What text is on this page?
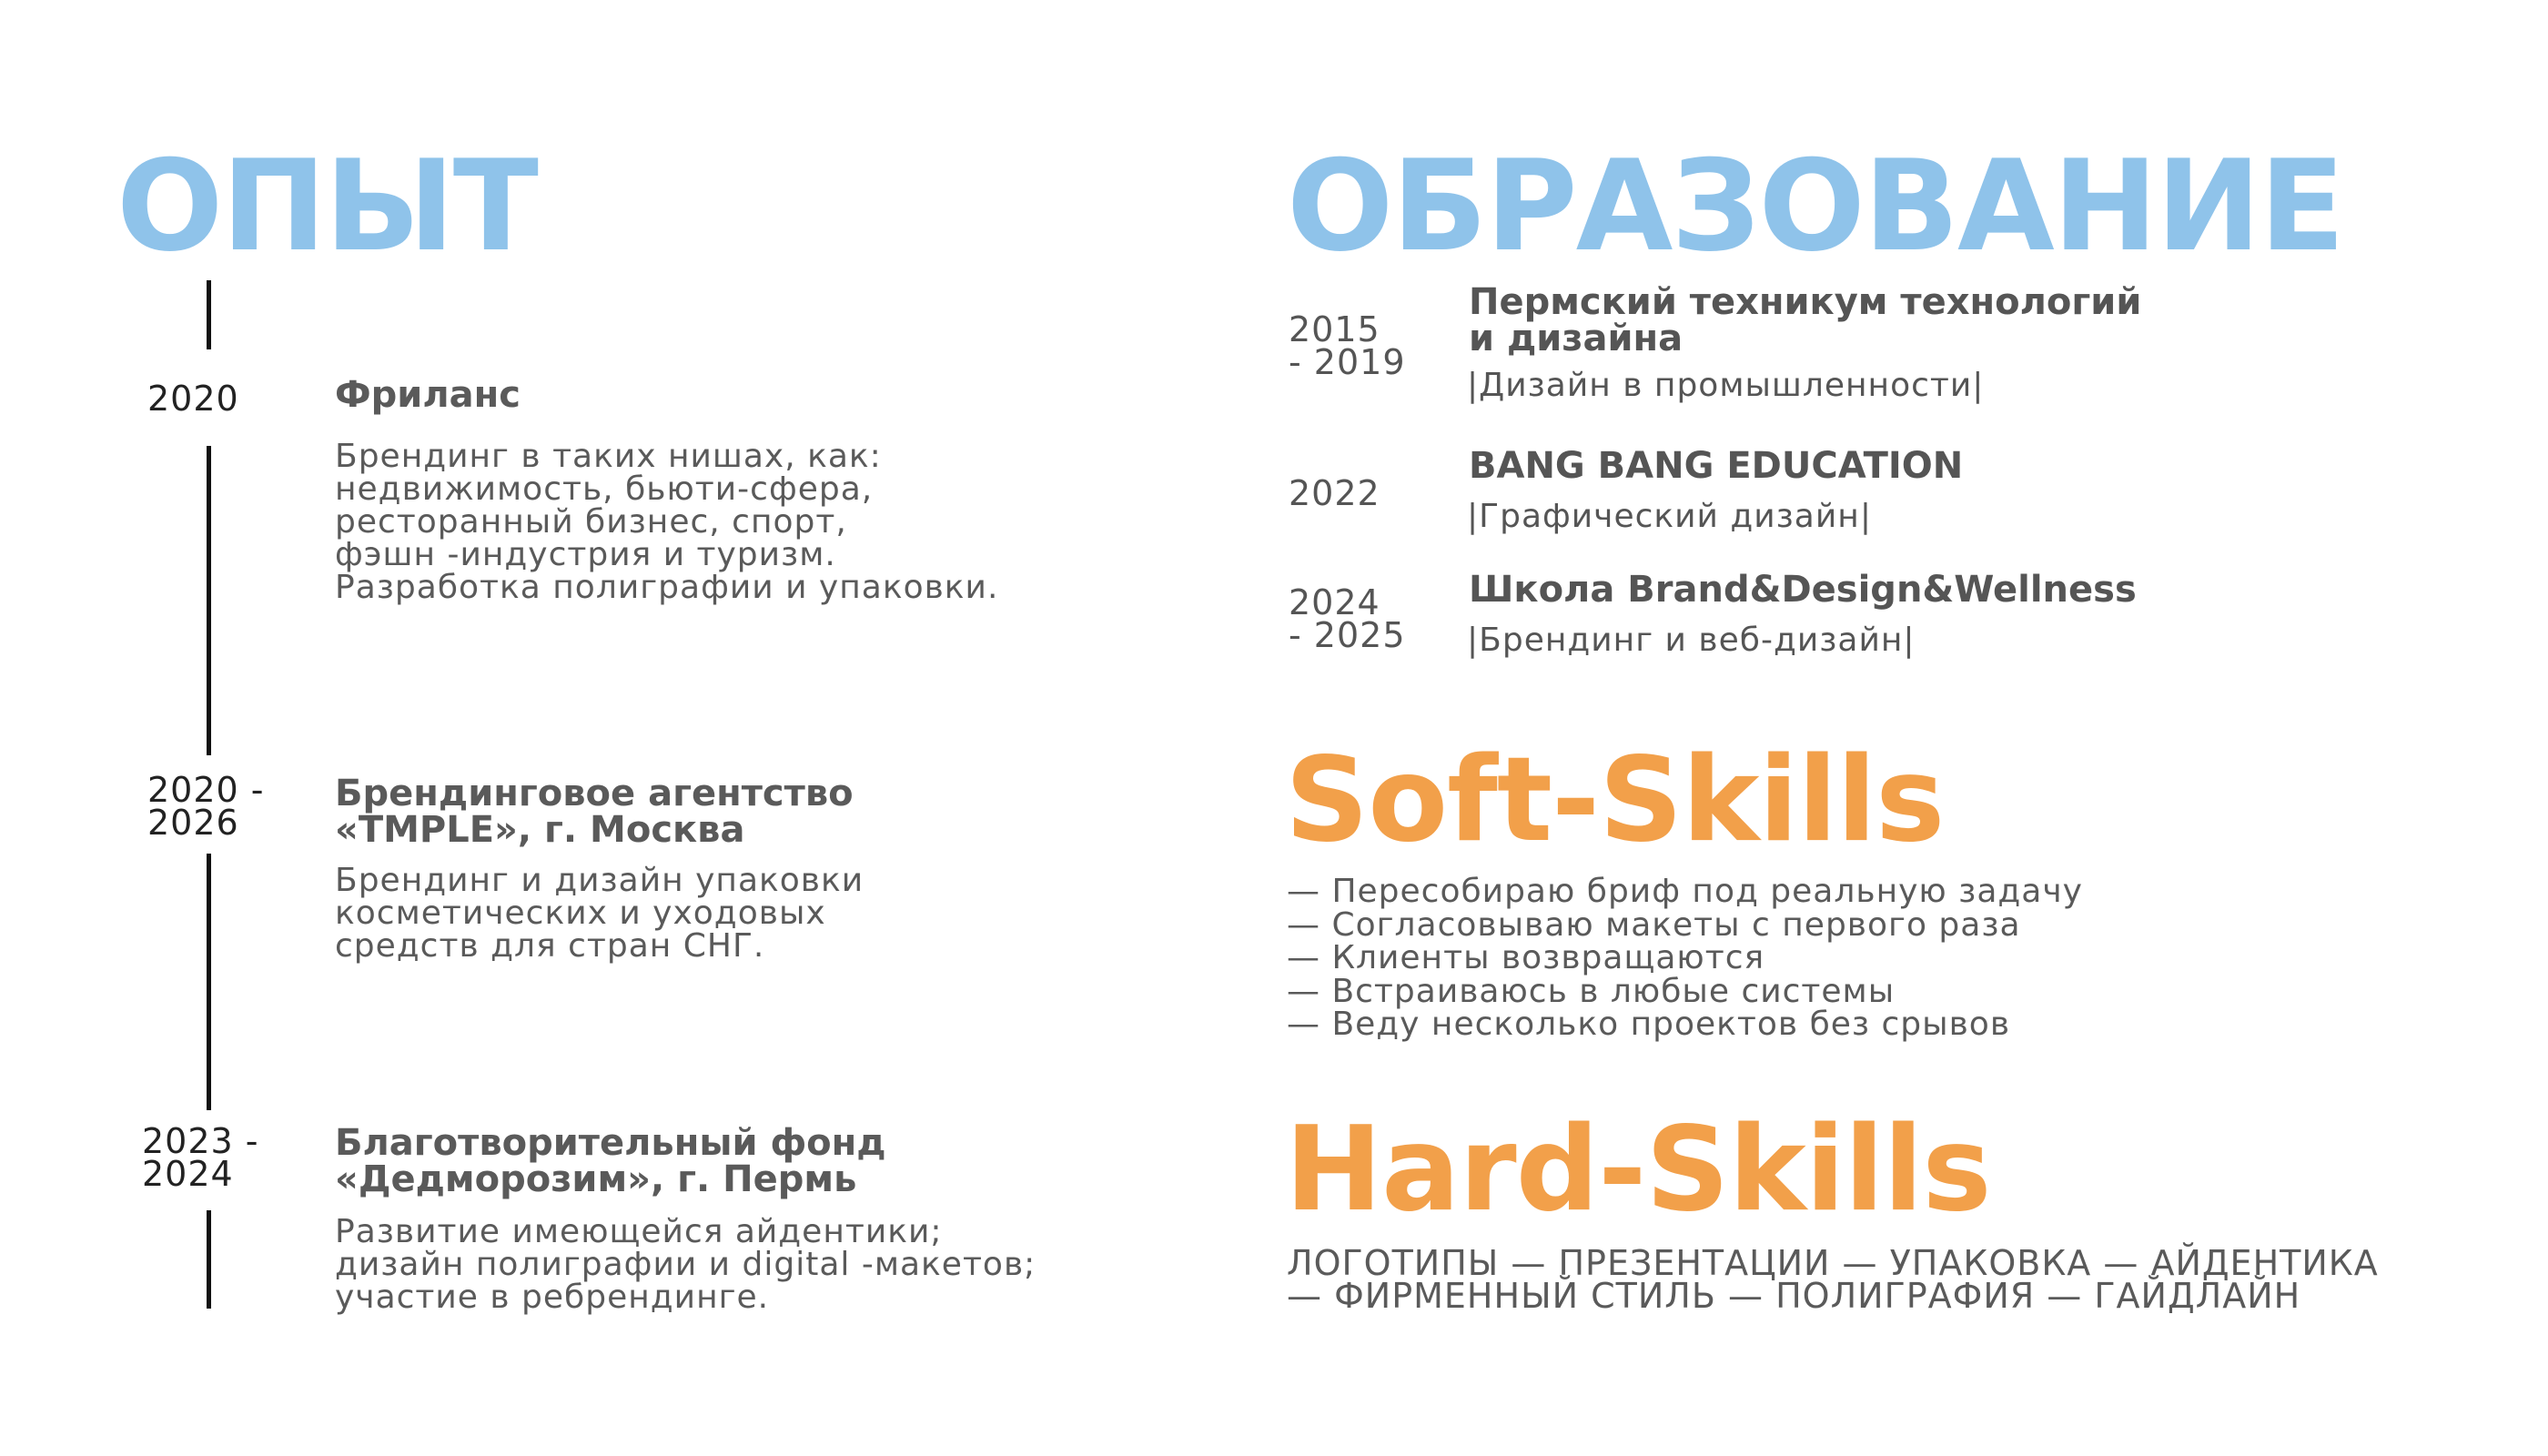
ОПЫТ
2020	Фриланс
Брендинг в таких нишах, как:
недвижимость, бьюти-сфера,
ресторанный бизнес, спорт,
фэшн -индустрия и туризм.
Разработка полиграфии и упаковки.
2020 -
2026
Брендинговое агентство
«TMPLE», г. Москва
Брендинг и дизайн упаковки
косметических и уходовых
средств для стран СНГ.
2023 -
2024
Благотворительный фонд
«Дедморозим», г. Пермь
Развитие имеющейся айдентики;
дизайн полиграфии и digital -макетов;
участие в ребрендинге.
ОБРАЗОВАНИЕ
2015
- 2019
Пермский техникум технологий
и дизайна
|Дизайн в промышленности|
2022
BANG BANG EDUCATION
|Графический дизайн|
2024
- 2025
Школа Brand&Design&Wellness
|Брендинг и веб-дизайн|
Soft-Skills
— Пересобираю бриф под реальную задачу
— Согласовываю макеты с первого раза
— Клиенты возвращаются
— Встраиваюсь в любые системы
— Веду несколько проектов без срывов
Hard-Skills
ЛОГОТИПЫ — ПРЕЗЕНТАЦИИ — УПАКОВКА — АЙДЕНТИКА
— ФИРМЕННЫЙ СТИЛЬ — ПОЛИГРАФИЯ — ГАЙДЛАЙН
